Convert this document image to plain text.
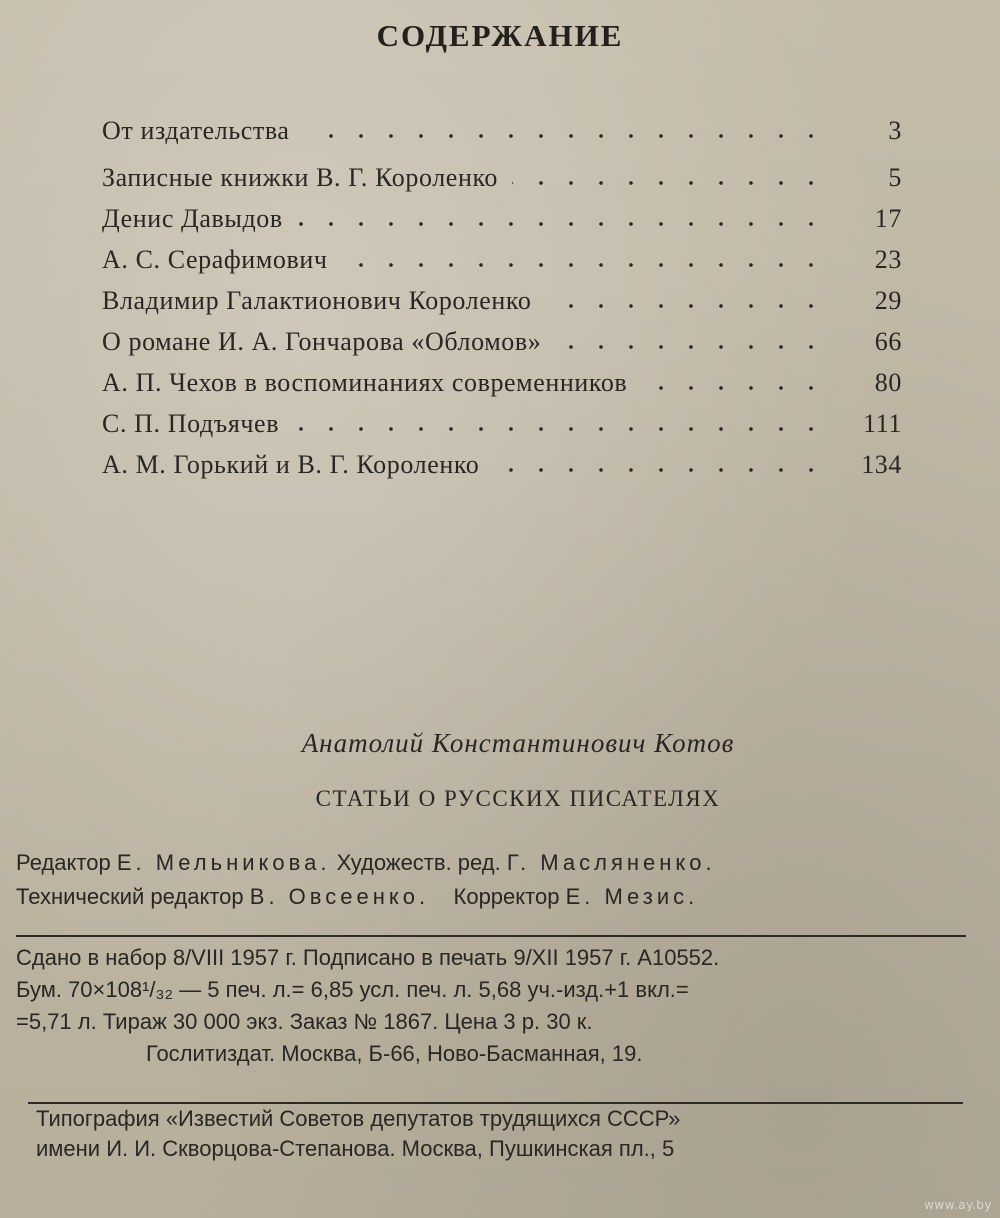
СОДЕРЖАНИЕ
От издательства	3
Записные книжки В. Г. Короленко	5
Денис Давыдов	17
А. С. Серафимович	23
Владимир Галактионович Короленко	29
О романе И. А. Гончарова «Обломов»	66
А. П. Чехов в воспоминаниях современников	80
С. П. Подъячев	111
А. М. Горький и В. Г. Короленко	134
Анатолий Константинович Котов
СТАТЬИ О РУССКИХ ПИСАТЕЛЯХ
Редактор Е. Мельникова. Художеств. ред. Г. Масляненко.
Технический редактор В. Овсеенко. Корректор Е. Мезис.
Сдано в набор 8/VIII 1957 г. Подписано в печать 9/XII 1957 г. А10552.
Бум. 70×108¹/₃₂ — 5 печ. л.= 6,85 усл. печ. л. 5,68 уч.-изд.+1 вкл.=
=5,71 л. Тираж 30 000 экз. Заказ № 1867. Цена 3 р. 30 к.
Гослитиздат. Москва, Б-66, Ново-Басманная, 19.
Типография «Известий Советов депутатов трудящихся СССР»
имени И. И. Скворцова-Степанова. Москва, Пушкинская пл., 5
www.ay.by
